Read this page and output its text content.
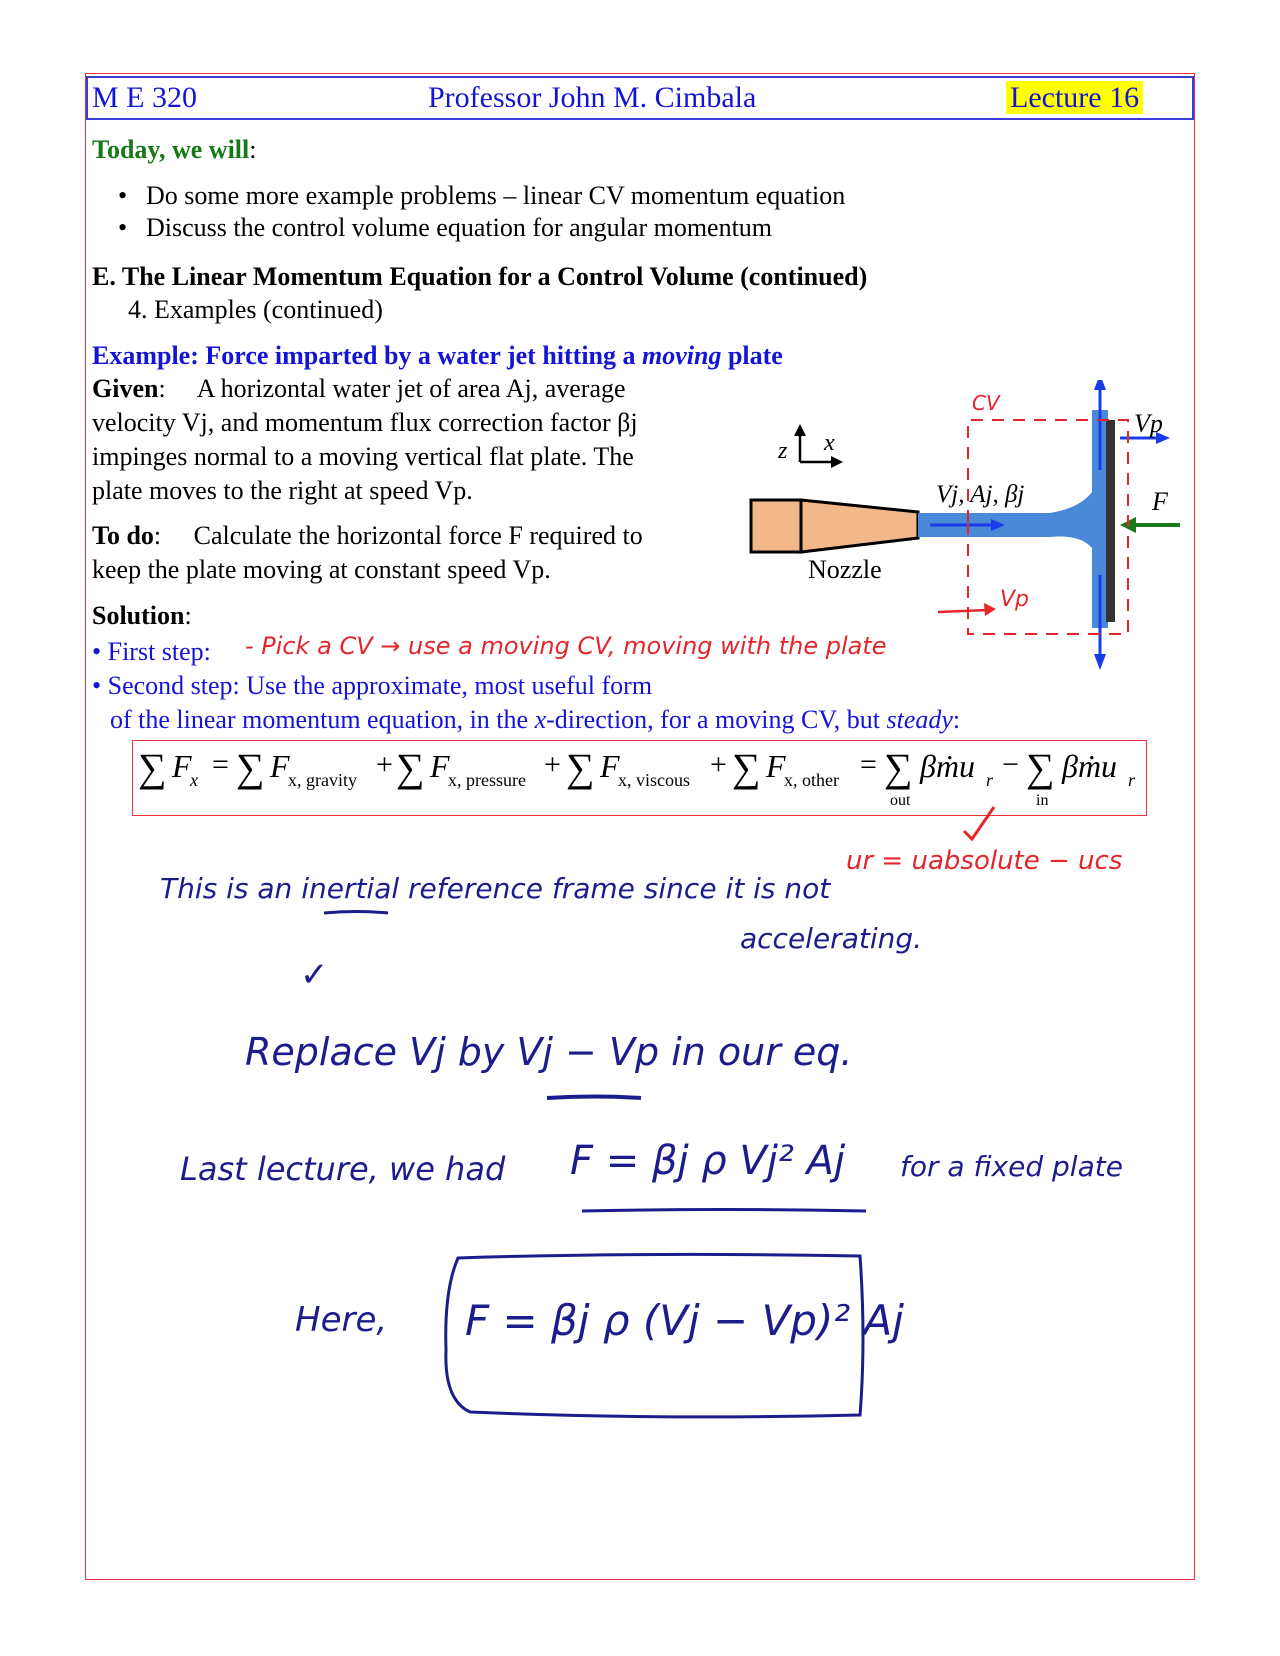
M E 320	Professor John M. Cimbala	Lecture 16
Today, we will:
• Do some more example problems – linear CV momentum equation
• Discuss the control volume equation for angular momentum
E. The Linear Momentum Equation for a Control Volume (continued)
4. Examples (continued)
Example: Force imparted by a water jet hitting a moving plate
Given:     A horizontal water jet of area Aj, average
velocity Vj, and momentum flux correction factor βj
impinges normal to a moving vertical flat plate. The
plate moves to the right at speed Vp.
To do:     Calculate the horizontal force F required to
keep the plate moving at constant speed Vp.
z x
Nozzle
Vp
F
Vj, Aj, βj
CV
Vp
Solution:
• First step: - Pick a CV → use a moving CV, moving with the plate
• Second step: Use the approximate, most useful form
of the linear momentum equation, in the x-direction, for a moving CV, but steady:
∑ F
x = ∑ F
x, gravity + ∑ F
x, pressure + ∑ F
x, viscous + ∑ F
x, other = ∑ βṁu r
out
− ∑ βṁu r
in
ur = uabsolute − ucs
This is an inertial reference frame since it is not
accelerating.
✓
Replace Vj by Vj − Vp in our eq.
Last lecture, we had F = βj ρ Vj² Aj for a fixed plate
Here, F = βj ρ (Vj − Vp)² Aj
